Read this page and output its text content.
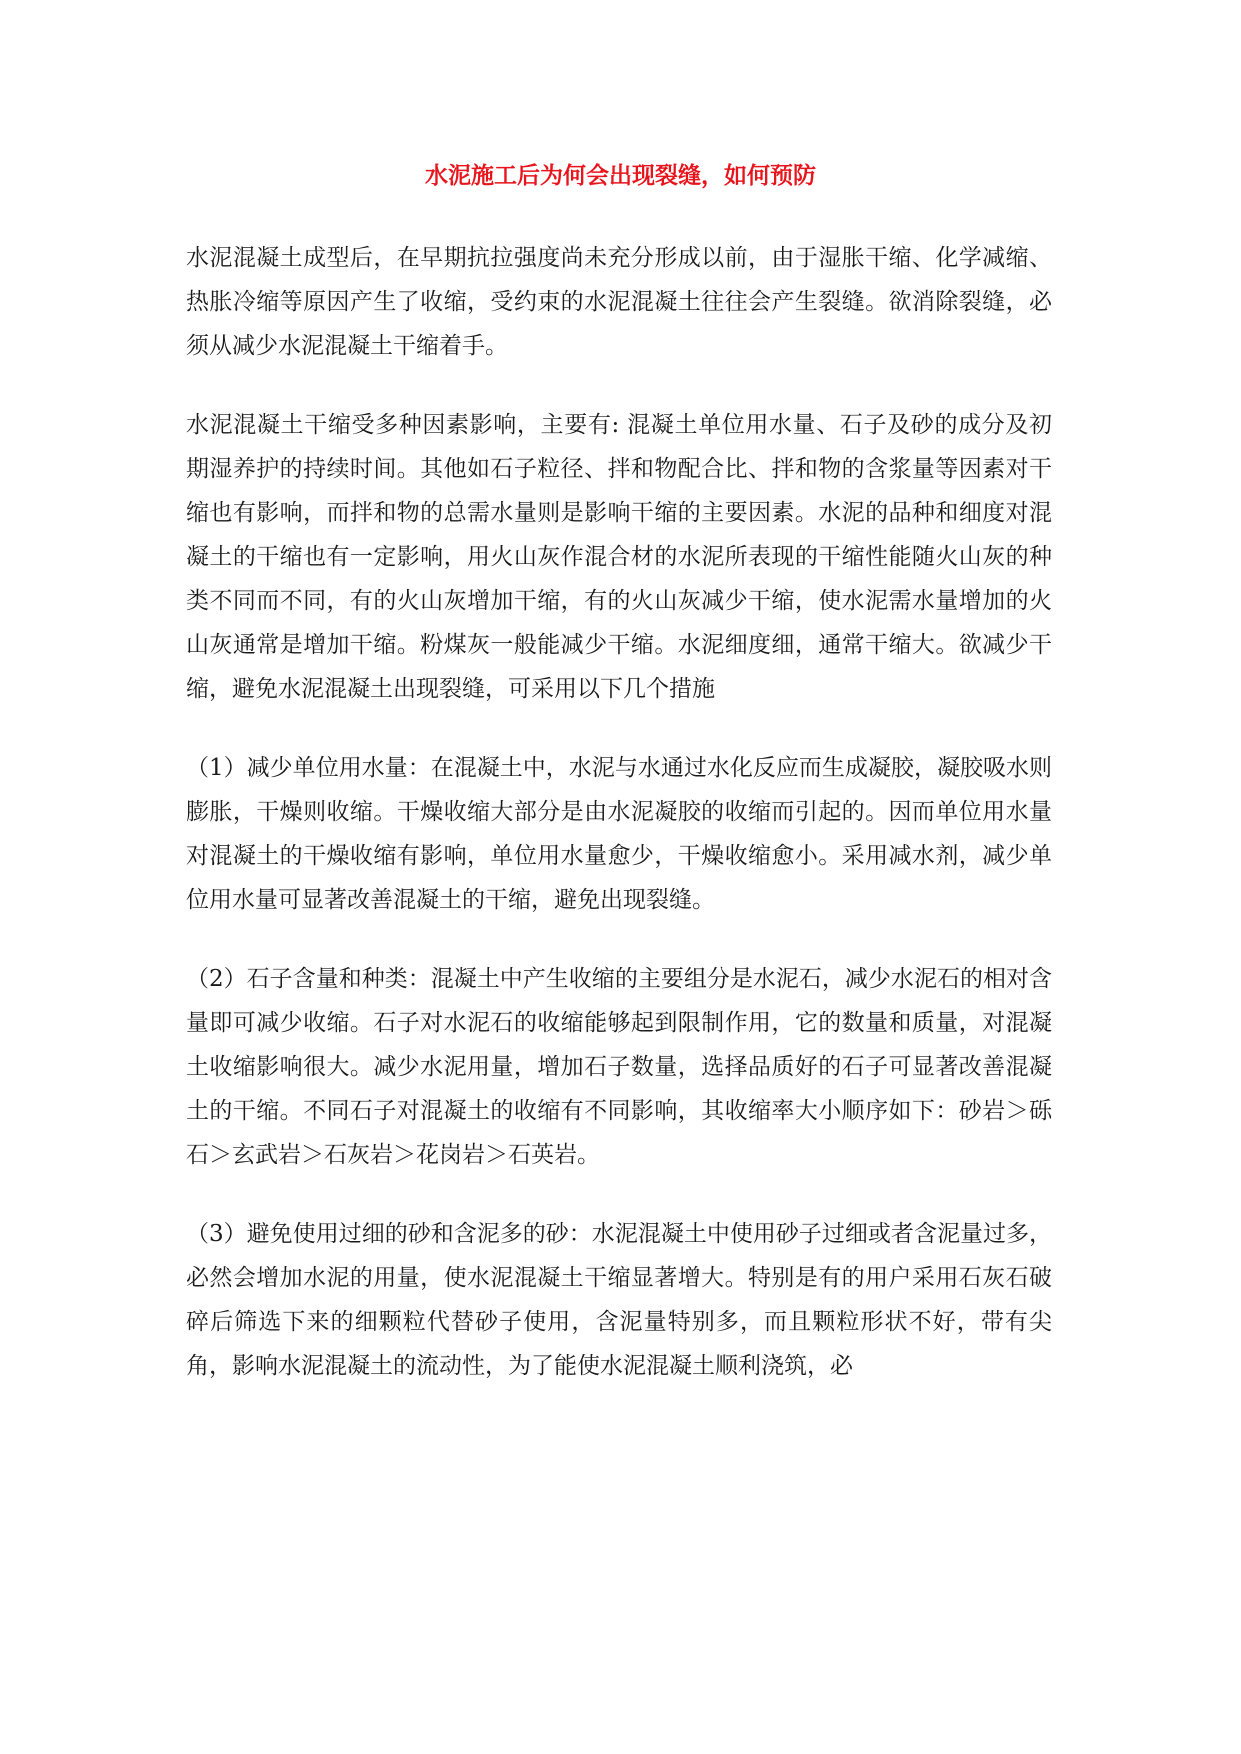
水泥施工后为何会出现裂缝，如何预防

水泥混凝土成型后，在早期抗拉强度尚未充分形成以前，由于湿胀干缩、化学减缩、热胀冷缩等原因产生了收缩，受约束的水泥混凝土往往会产生裂缝。欲消除裂缝，必须从减少水泥混凝土干缩着手。

水泥混凝土干缩受多种因素影响，主要有: 混凝土单位用水量、石子及砂的成分及初期湿养护的持续时间。其他如石子粒径、拌和物配合比、拌和物的含浆量等因素对干缩也有影响，而拌和物的总需水量则是影响干缩的主要因素。水泥的品种和细度对混凝土的干缩也有一定影响，用火山灰作混合材的水泥所表现的干缩性能随火山灰的种类不同而不同，有的火山灰增加干缩，有的火山灰减少干缩，使水泥需水量增加的火山灰通常是增加干缩。粉煤灰一般能减少干缩。水泥细度细，通常干缩大。欲减少干缩，避免水泥混凝土出现裂缝，可采用以下几个措施

（1）减少单位用水量：在混凝土中，水泥与水通过水化反应而生成凝胶，凝胶吸水则膨胀，干燥则收缩。干燥收缩大部分是由水泥凝胶的收缩而引起的。因而单位用水量对混凝土的干燥收缩有影响，单位用水量愈少，干燥收缩愈小。采用减水剂，减少单位用水量可显著改善混凝土的干缩，避免出现裂缝。

（2）石子含量和种类：混凝土中产生收缩的主要组分是水泥石，减少水泥石的相对含量即可减少收缩。石子对水泥石的收缩能够起到限制作用，它的数量和质量，对混凝土收缩影响很大。减少水泥用量，增加石子数量，选择品质好的石子可显著改善混凝土的干缩。不同石子对混凝土的收缩有不同影响，其收缩率大小顺序如下：砂岩＞砾石＞玄武岩＞石灰岩＞花岗岩＞石英岩。

（3）避免使用过细的砂和含泥多的砂：水泥混凝土中使用砂子过细或者含泥量过多，必然会增加水泥的用量，使水泥混凝土干缩显著增大。特别是有的用户采用石灰石破碎后筛选下来的细颗粒代替砂子使用，含泥量特别多，而且颗粒形状不好，带有尖角，影响水泥混凝土的流动性，为了能使水泥混凝土顺利浇筑，必
